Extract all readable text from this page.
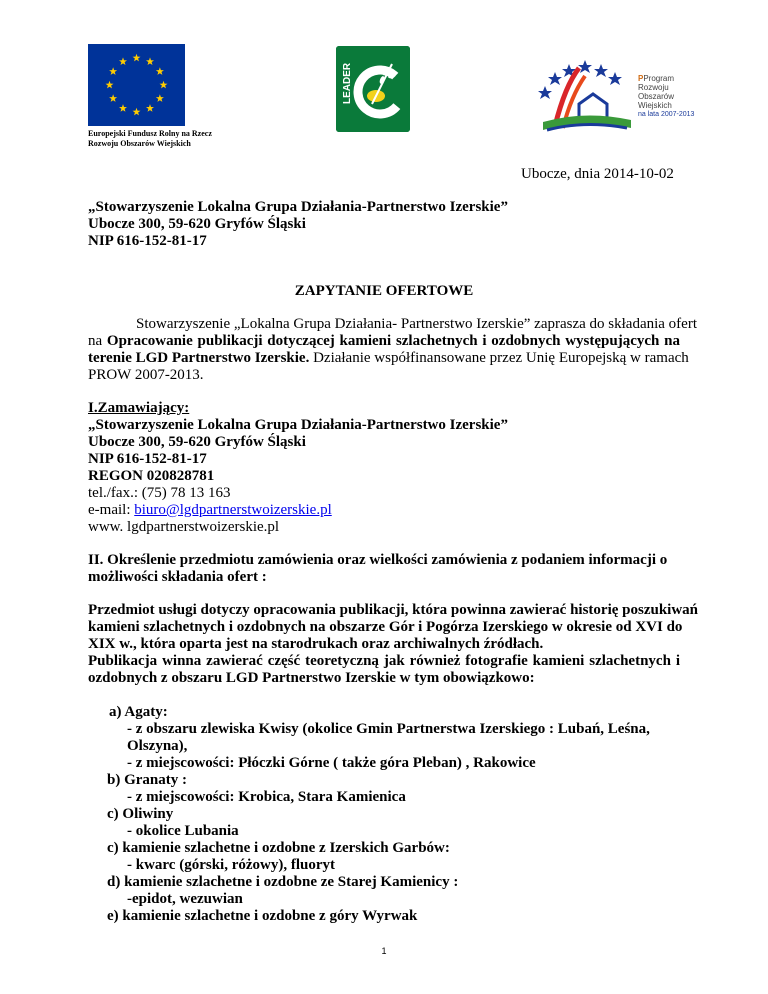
Europejski Fundusz Rolny na Rzecz
Rozwoju Obszarów Wiejskich
LEADER	PProgram
Rozwoju
Obszarów
Wiejskich
na lata 2007-2013
Ubocze, dnia 2014-10-02
„Stowarzyszenie Lokalna Grupa Działania-Partnerstwo Izerskie”
Ubocze 300, 59-620 Gryfów Śląski
NIP 616-152-81-17
ZAPYTANIE OFERTOWE
Stowarzyszenie „Lokalna Grupa Działania- Partnerstwo Izerskie” zaprasza do składania ofert
na Opracowanie publikacji dotyczącej kamieni szlachetnych i ozdobnych występujących na
terenie LGD Partnerstwo Izerskie. Działanie współfinansowane przez Unię Europejską w ramach
PROW 2007-2013.
I.Zamawiający:
„Stowarzyszenie Lokalna Grupa Działania-Partnerstwo Izerskie”
Ubocze 300, 59-620 Gryfów Śląski
NIP 616-152-81-17
REGON 020828781
tel./fax.: (75) 78 13 163
e-mail: biuro@lgdpartnerstwoizerskie.pl
www. lgdpartnerstwoizerskie.pl
II. Określenie przedmiotu zamówienia oraz wielkości zamówienia z podaniem informacji o
możliwości składania ofert :
Przedmiot usługi dotyczy opracowania publikacji, która powinna zawierać historię poszukiwań
kamieni szlachetnych i ozdobnych na obszarze Gór i Pogórza Izerskiego w okresie od XVI do
XIX w., która oparta jest na starodrukach oraz archiwalnych źródłach.
Publikacja winna zawierać część teoretyczną jak również fotografie kamieni szlachetnych i
ozdobnych z obszaru LGD Partnerstwo Izerskie w tym obowiązkowo:
a) Agaty:
- z obszaru zlewiska Kwisy (okolice Gmin Partnerstwa Izerskiego : Lubań, Leśna,
Olszyna),
- z miejscowości: Płóczki Górne ( także góra Pleban) , Rakowice
b) Granaty :
- z miejscowości: Krobica, Stara Kamienica
c) Oliwiny
- okolice Lubania
c) kamienie szlachetne i ozdobne z Izerskich Garbów:
- kwarc (górski, różowy), fluoryt
d) kamienie szlachetne i ozdobne ze Starej Kamienicy :
-epidot, wezuwian
e) kamienie szlachetne i ozdobne z góry Wyrwak
1
